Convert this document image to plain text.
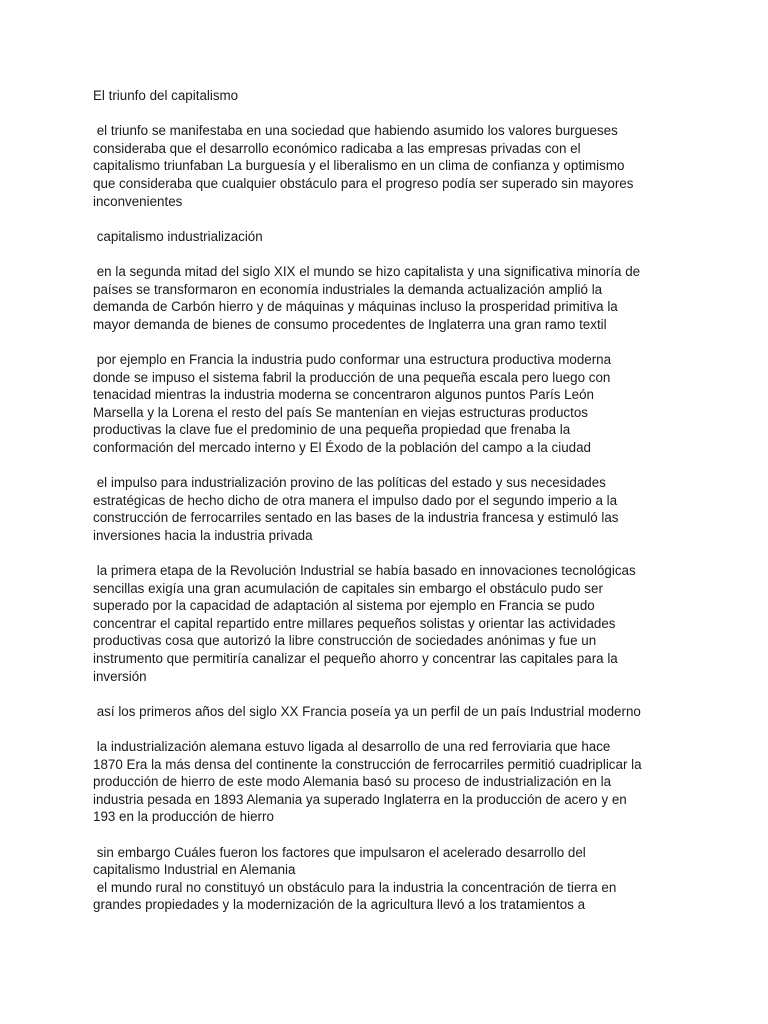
El triunfo del capitalismo

el triunfo se manifestaba en una sociedad que habiendo asumido los valores burgueses
consideraba que el desarrollo económico radicaba a las empresas privadas con el
capitalismo triunfaban La burguesía y el liberalismo en un clima de confianza y optimismo
que consideraba que cualquier obstáculo para el progreso podía ser superado sin mayores
inconvenientes

capitalismo industrialización

en la segunda mitad del siglo XIX el mundo se hizo capitalista y una significativa minoría de
países se transformaron en economía industriales la demanda actualización amplió la
demanda de Carbón hierro y de máquinas y máquinas incluso la prosperidad primitiva la
mayor demanda de bienes de consumo procedentes de Inglaterra una gran ramo textil

por ejemplo en Francia la industria pudo conformar una estructura productiva moderna
donde se impuso el sistema fabril la producción de una pequeña escala pero luego con
tenacidad mientras la industria moderna se concentraron algunos puntos París León
Marsella y la Lorena el resto del país Se mantenían en viejas estructuras productos
productivas la clave fue el predominio de una pequeña propiedad que frenaba la
conformación del mercado interno y El Éxodo de la población del campo a la ciudad

el impulso para industrialización provino de las políticas del estado y sus necesidades
estratégicas de hecho dicho de otra manera el impulso dado por el segundo imperio a la
construcción de ferrocarriles sentado en las bases de la industria francesa y estimuló las
inversiones hacia la industria privada

la primera etapa de la Revolución Industrial se había basado en innovaciones tecnológicas
sencillas exigía una gran acumulación de capitales sin embargo el obstáculo pudo ser
superado por la capacidad de adaptación al sistema por ejemplo en Francia se pudo
concentrar el capital repartido entre millares pequeños solistas y orientar las actividades
productivas cosa que autorizó la libre construcción de sociedades anónimas y fue un
instrumento que permitiría canalizar el pequeño ahorro y concentrar las capitales para la
inversión

así los primeros años del siglo XX Francia poseía ya un perfil de un país Industrial moderno

la industrialización alemana estuvo ligada al desarrollo de una red ferroviaria que hace
1870 Era la más densa del continente la construcción de ferrocarriles permitió cuadriplicar la
producción de hierro de este modo Alemania basó su proceso de industrialización en la
industria pesada en 1893 Alemania ya superado Inglaterra en la producción de acero y en
193 en la producción de hierro

sin embargo Cuáles fueron los factores que impulsaron el acelerado desarrollo del
capitalismo Industrial en Alemania

el mundo rural no constituyó un obstáculo para la industria la concentración de tierra en
grandes propiedades y la modernización de la agricultura llevó a los tratamientos a
